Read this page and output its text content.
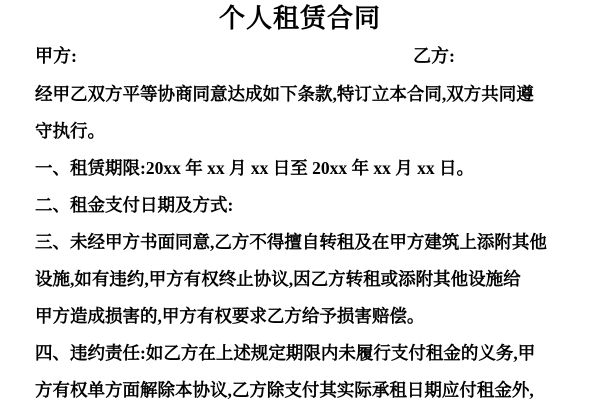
个人租赁合同
甲方:	乙方:
经甲乙双方平等协商同意达成如下条款,特订立本合同,双方共同遵
守执行。
一、租赁期限:20xx 年 xx 月 xx 日至 20xx 年 xx 月 xx 日。
二、租金支付日期及方式:
三、未经甲方书面同意,乙方不得擅自转租及在甲方建筑上添附其他
设施,如有违约,甲方有权终止协议,因乙方转租或添附其他设施给
甲方造成损害的,甲方有权要求乙方给予损害赔偿。
四、违约责任:如乙方在上述规定期限内未履行支付租金的义务,甲
方有权单方面解除本协议,乙方除支付其实际承租日期应付租金外,
